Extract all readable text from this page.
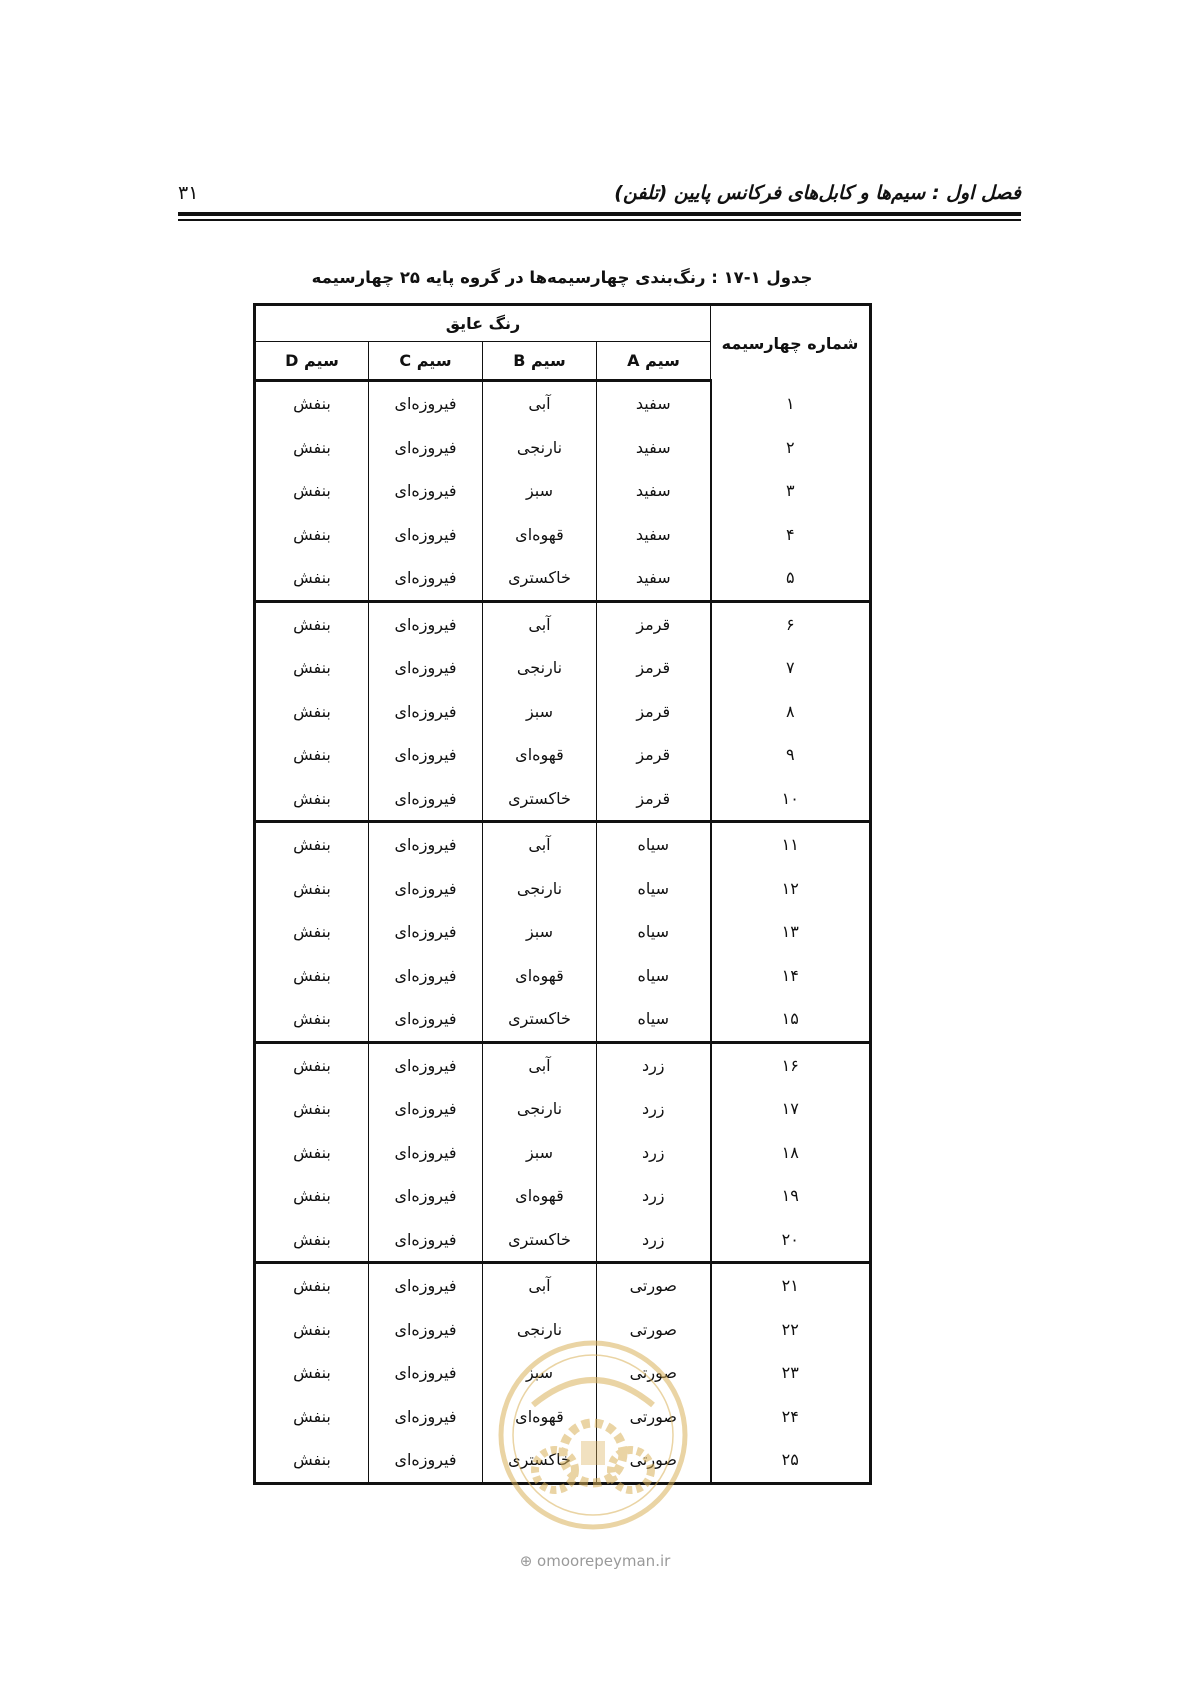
فصل اول : سیم‌ها و کابل‌های فرکانس پایین (تلفن)
۳۱
جدول ۱-۱۷ : رنگ‌بندی چهارسیمه‌ها در گروه پایه ۲۵ چهارسیمه
شماره چهارسیمه	رنگ عایق			
	سیم A	سیم B	سیم C	سیم D
۱	سفید	آبی	فیروزه‌ای	بنفش
۲	سفید	نارنجی	فیروزه‌ای	بنفش
۳	سفید	سبز	فیروزه‌ای	بنفش
۴	سفید	قهوه‌ای	فیروزه‌ای	بنفش
۵	سفید	خاکستری	فیروزه‌ای	بنفش
۶	قرمز	آبی	فیروزه‌ای	بنفش
۷	قرمز	نارنجی	فیروزه‌ای	بنفش
۸	قرمز	سبز	فیروزه‌ای	بنفش
۹	قرمز	قهوه‌ای	فیروزه‌ای	بنفش
۱۰	قرمز	خاکستری	فیروزه‌ای	بنفش
۱۱	سیاه	آبی	فیروزه‌ای	بنفش
۱۲	سیاه	نارنجی	فیروزه‌ای	بنفش
۱۳	سیاه	سبز	فیروزه‌ای	بنفش
۱۴	سیاه	قهوه‌ای	فیروزه‌ای	بنفش
۱۵	سیاه	خاکستری	فیروزه‌ای	بنفش
۱۶	زرد	آبی	فیروزه‌ای	بنفش
۱۷	زرد	نارنجی	فیروزه‌ای	بنفش
۱۸	زرد	سبز	فیروزه‌ای	بنفش
۱۹	زرد	قهوه‌ای	فیروزه‌ای	بنفش
۲۰	زرد	خاکستری	فیروزه‌ای	بنفش
۲۱	صورتی	آبی	فیروزه‌ای	بنفش
۲۲	صورتی	نارنجی	فیروزه‌ای	بنفش
۲۳	صورتی	سبز	فیروزه‌ای	بنفش
۲۴	صورتی	قهوه‌ای	فیروزه‌ای	بنفش
۲۵	صورتی	خاکستری	فیروزه‌ای	بنفش
⊕ omoorepeyman.ir
